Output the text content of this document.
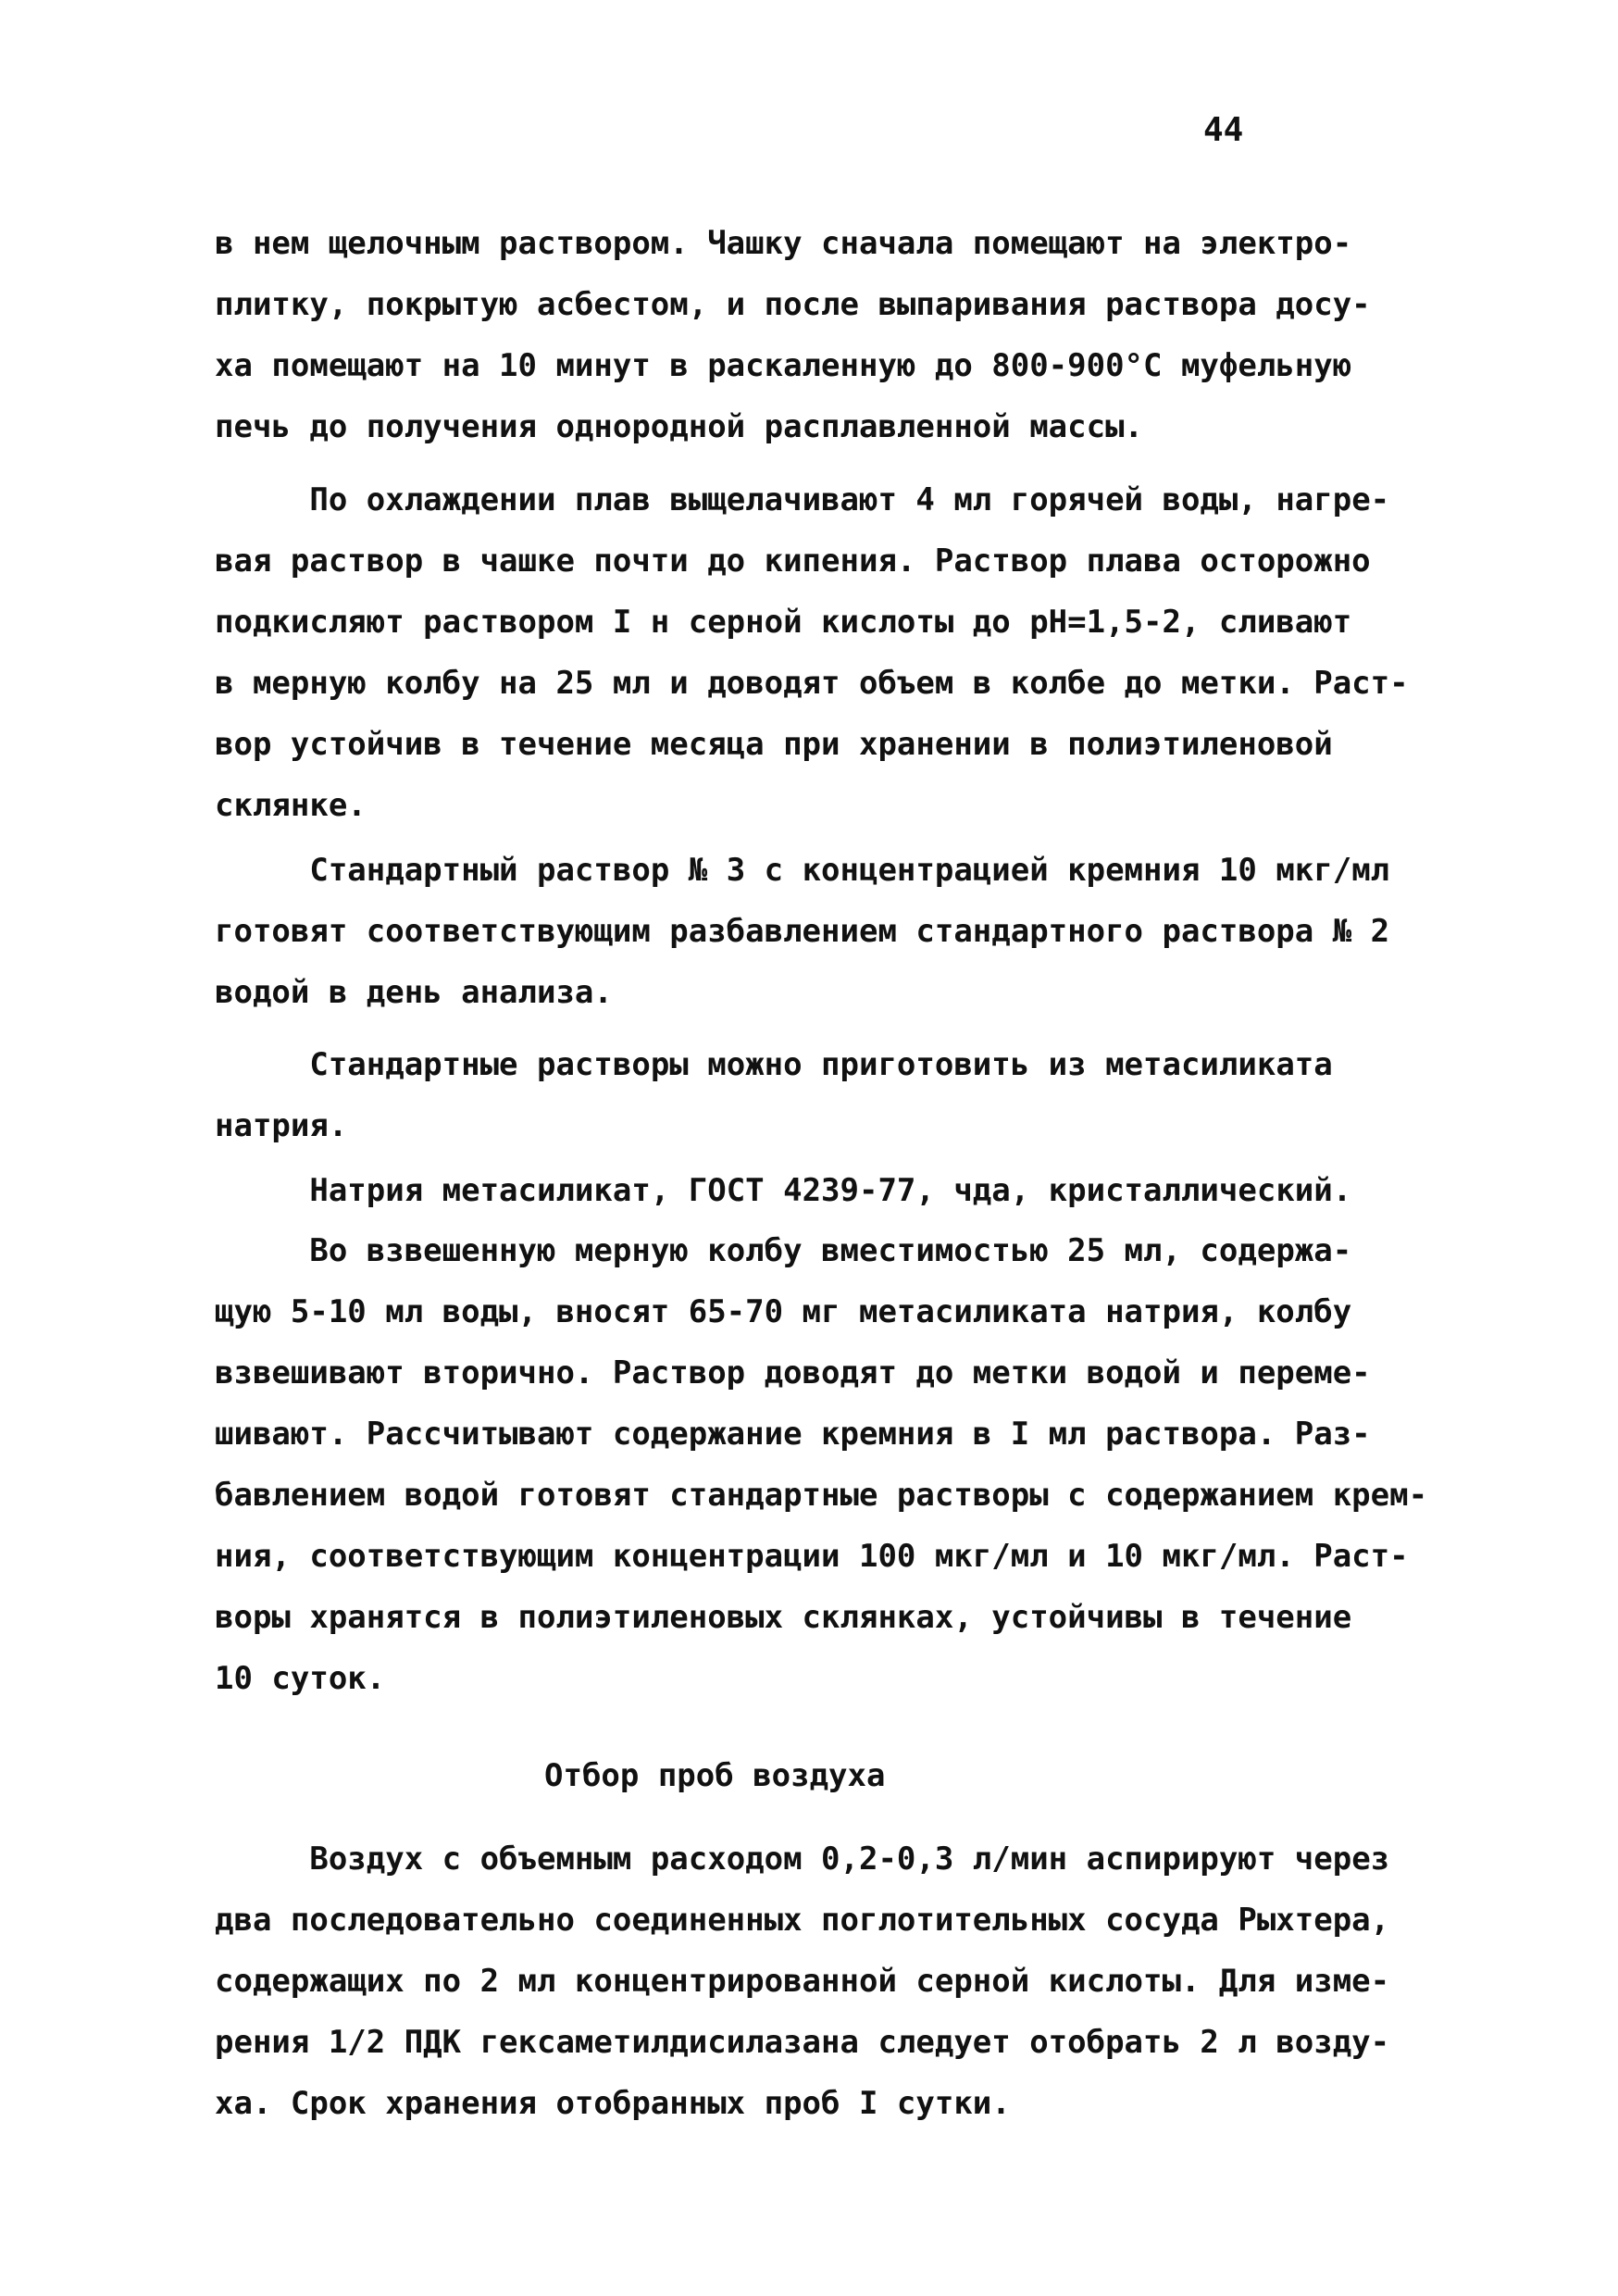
44

в нем щелочным раствором. Чашку сначала помещают на электро-
плитку, покрытую асбестом, и после выпаривания раствора досу-
ха помещают на 10 минут в раскаленную до 800-900°С муфельную
печь до получения однородной расплавленной массы.

По охлаждении плав выщелачивают 4 мл горячей воды, нагре-
вая раствор в чашке почти до кипения. Раствор плава осторожно
подкисляют раствором I н серной кислоты до pH=1,5-2, сливают
в мерную колбу на 25 мл и доводят объем в колбе до метки. Раст-
вор устойчив в течение месяца при хранении в полиэтиленовой
склянке.

Стандартный раствор № 3 с концентрацией кремния 10 мкг/мл
готовят соответствующим разбавлением стандартного раствора № 2
водой в день анализа.

Стандартные растворы можно приготовить из метасиликата
натрия.

Натрия метасиликат, ГОСТ 4239-77, чда, кристаллический.

Во взвешенную мерную колбу вместимостью 25 мл, содержа-
щую 5-10 мл воды, вносят 65-70 мг метасиликата натрия, колбу
взвешивают вторично. Раствор доводят до метки водой и переме-
шивают. Рассчитывают содержание кремния в I мл раствора. Раз-
бавлением водой готовят стандартные растворы с содержанием крем-
ния, соответствующим концентрации 100 мкг/мл и 10 мкг/мл. Раст-
воры хранятся в полиэтиленовых склянках, устойчивы в течение
10 суток.

Отбор проб воздуха

Воздух с объемным расходом 0,2-0,3 л/мин аспирируют через
два последовательно соединенных поглотительных сосуда Рыхтера,
содержащих по 2 мл концентрированной серной кислоты. Для изме-
рения 1/2 ПДК гексаметилдисилазана следует отобрать 2 л возду-
ха. Срок хранения отобранных проб I сутки.
